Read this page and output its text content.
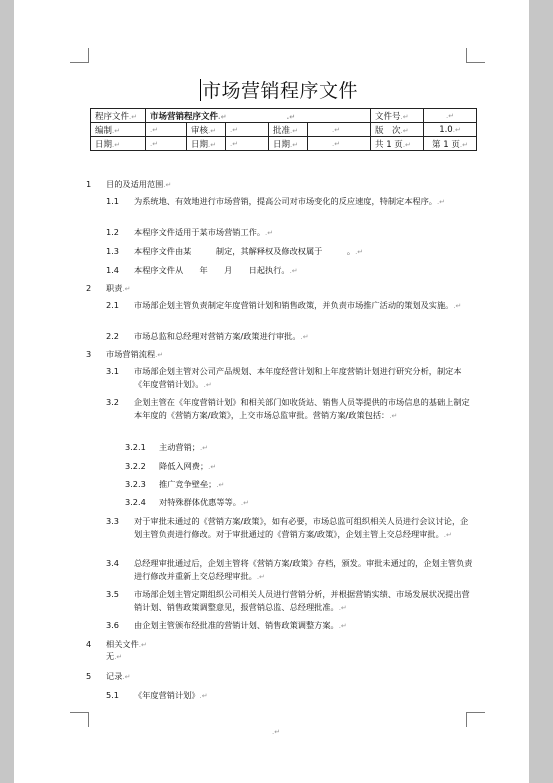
市场营销程序文件
程序文件.↵	市场营销程序文件.↵ .↵					文件号.↵	.↵
编制.↵	.↵	审核.↵	.↵	批准.↵	.↵	版　次.↵	1.0.↵
日期.↵	.↵	日期.↵	.↵	日期.↵	.↵	共 1 页.↵	第 1 页.↵
1 目的及适用范围.↵
1.1 为系统地、有效地进行市场营销，提高公司对市场变化的反应速度，特制定本程序。.↵
1.2 本程序文件适用于某市场营销工作。.↵
1.3 本程序文件由某　　　制定，其解释权及修改权属于　　　。.↵
1.4 本程序文件从　　年　　月　　日起执行。.↵
2 职责.↵
2.1 市场部企划主管负责制定年度营销计划和销售政策，并负责市场推广活动的策划及实施。.↵
2.2 市场总监和总经理对营销方案/政策进行审批。.↵
3 市场营销流程.↵
3.1 市场部企划主管对公司产品规划、本年度经营计划和上年度营销计划进行研究分析，制定本《年度营销计划》。.↵
3.2 企划主管在《年度营销计划》和相关部门如收货站、销售人员等提供的市场信息的基础上制定本年度的《营销方案/政策》，上交市场总监审批。营销方案/政策包括：.↵
3.2.1 主动营销；.↵
3.2.2 降低入网费；.↵
3.2.3 推广竞争壁垒；.↵
3.2.4 对特殊群体优惠等等。.↵
3.3 对于审批未通过的《营销方案/政策》，如有必要，市场总监可组织相关人员进行会议讨论，企划主管负责进行修改。对于审批通过的《营销方案/政策》，企划主管上交总经理审批。.↵
3.4 总经理审批通过后，企划主管将《营销方案/政策》存档，颁发。审批未通过的，企划主管负责进行修改并重新上交总经理审批。.↵
3.5 市场部企划主管定期组织公司相关人员进行营销分析，并根据营销实绩、市场发展状况提出营销计划、销售政策调整意见，报营销总监、总经理批准。.↵
3.6 由企划主管颁布经批准的营销计划、销售政策调整方案。.↵
4 相关文件.↵
无.↵
5 记录.↵
5.1 《年度营销计划》.↵
.↵
